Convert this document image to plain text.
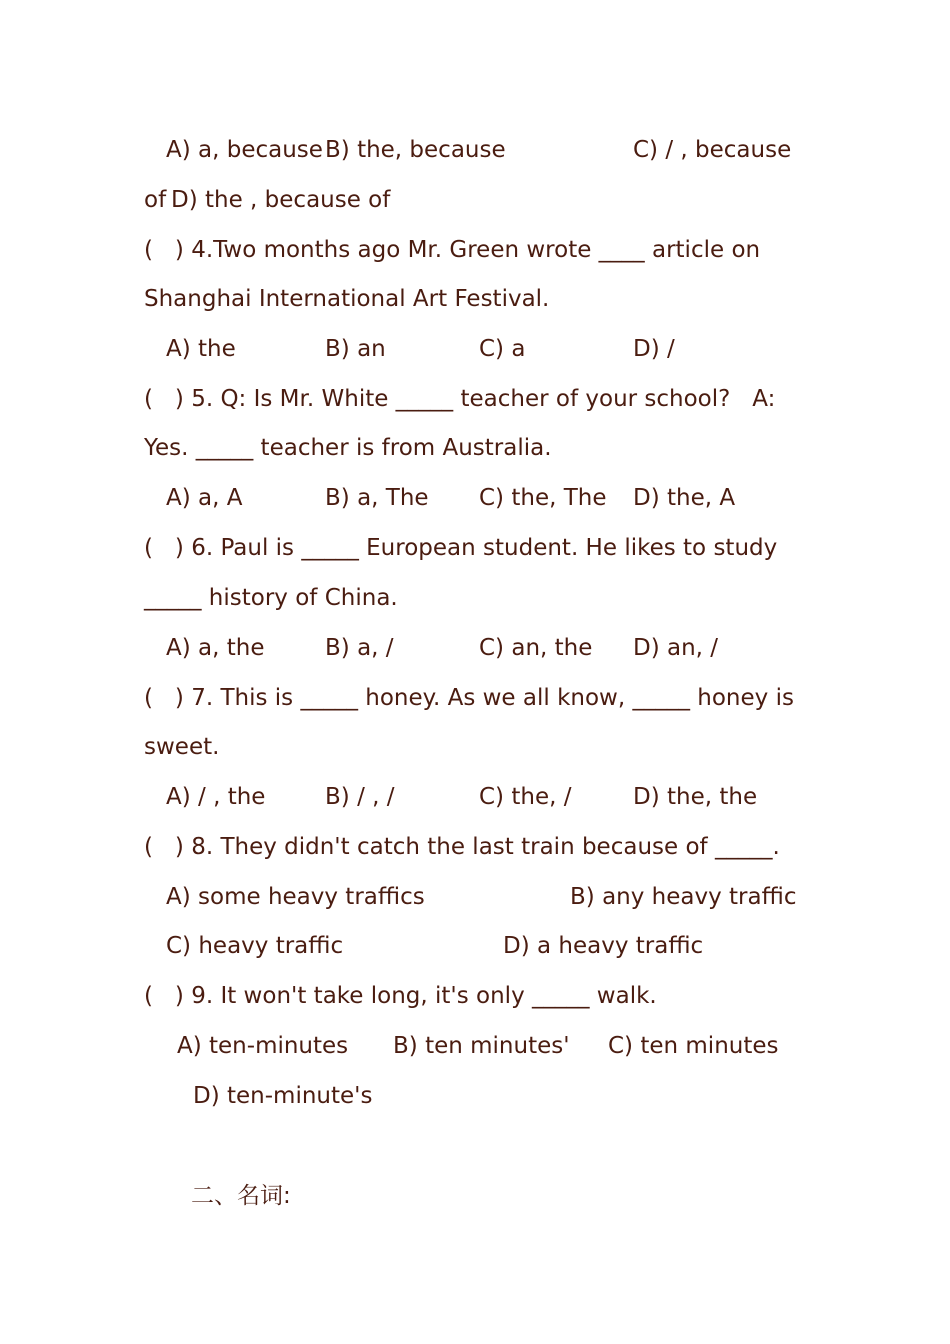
A) a, because

B) the, because

	C) / , because

of

D) the , because of

(   ) 4.Two months ago Mr. Green wrote ____ article on
Shanghai International Art Festival.

A) the

	B) an

	C) a

	D) /

(   ) 5. Q: Is Mr. White _____ teacher of your school?   A:
Yes. _____ teacher is from Australia.

A) a, A

	B) a, The

C) the, The

D) the, A

(   ) 6. Paul is _____ European student. He likes to study
_____ history of China.

A) a, the

	B) a, /

	C) an, the

D) an, /

(   ) 7. This is _____ honey. As we all know, _____ honey is
sweet.

A) / , the

	B) / , /

	C) the, /

	D) the, the

(   ) 8. They didn't catch the last train because of _____.

A) some heavy traffics

	B) any heavy traffic

C) heavy traffic

	D) a heavy traffic

(   ) 9. It won't take long, it's only _____ walk.

A) ten-minutes

B) ten minutes'

C) ten minutes

D) ten-minute's
二、名词:
